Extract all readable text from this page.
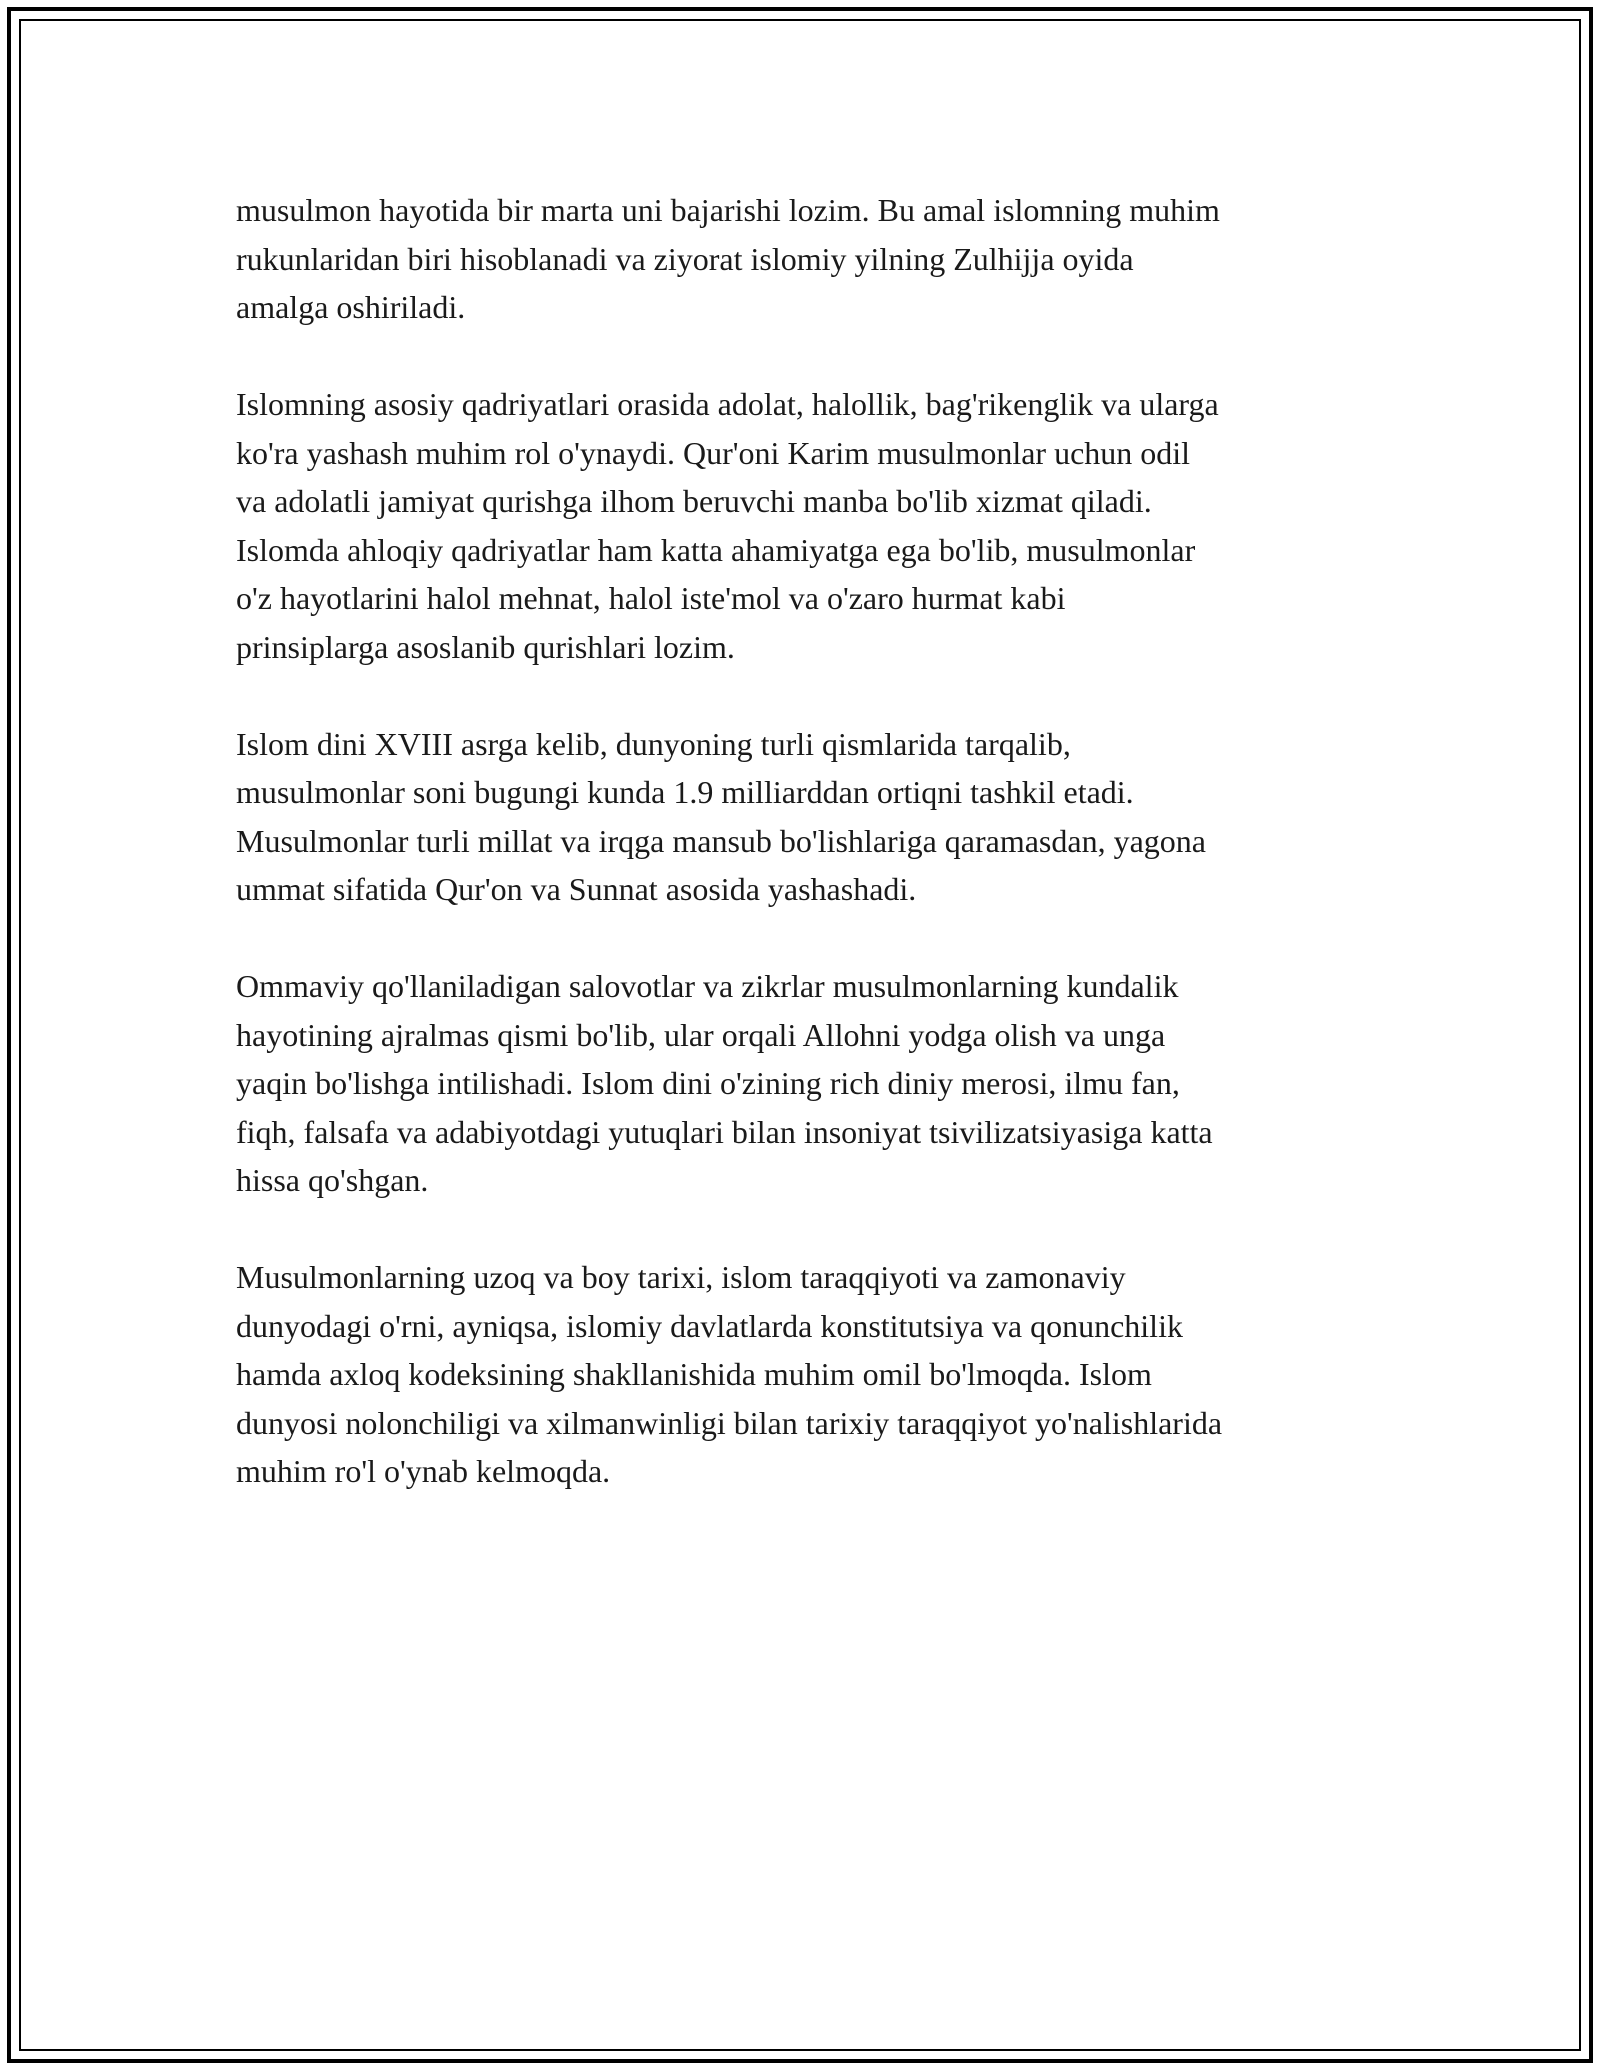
musulmon hayotida bir marta uni bajarishi lozim. Bu amal islomning muhim
rukunlaridan biri hisoblanadi va ziyorat islomiy yilning Zulhijja oyida
amalga oshiriladi.

Islomning asosiy qadriyatlari orasida adolat, halollik, bag'rikenglik va ularga
ko'ra yashash muhim rol o'ynaydi. Qur'oni Karim musulmonlar uchun odil
va adolatli jamiyat qurishga ilhom beruvchi manba bo'lib xizmat qiladi.
Islomda ahloqiy qadriyatlar ham katta ahamiyatga ega bo'lib, musulmonlar
o'z hayotlarini halol mehnat, halol iste'mol va o'zaro hurmat kabi
prinsiplarga asoslanib qurishlari lozim.

Islom dini XVIII asrga kelib, dunyoning turli qismlarida tarqalib,
musulmonlar soni bugungi kunda 1.9 milliarddan ortiqni tashkil etadi.
Musulmonlar turli millat va irqga mansub bo'lishlariga qaramasdan, yagona
ummat sifatida Qur'on va Sunnat asosida yashashadi.

Ommaviy qo'llaniladigan salovotlar va zikrlar musulmonlarning kundalik
hayotining ajralmas qismi bo'lib, ular orqali Allohni yodga olish va unga
yaqin bo'lishga intilishadi. Islom dini o'zining rich diniy merosi, ilmu fan,
fiqh, falsafa va adabiyotdagi yutuqlari bilan insoniyat tsivilizatsiyasiga katta
hissa qo'shgan.

Musulmonlarning uzoq va boy tarixi, islom taraqqiyoti va zamonaviy
dunyodagi o'rni, ayniqsa, islomiy davlatlarda konstitutsiya va qonunchilik
hamda axloq kodeksining shakllanishida muhim omil bo'lmoqda. Islom
dunyosi nolonchiligi va xilmanwinligi bilan tarixiy taraqqiyot yo'nalishlarida
muhim ro'l o'ynab kelmoqda.
